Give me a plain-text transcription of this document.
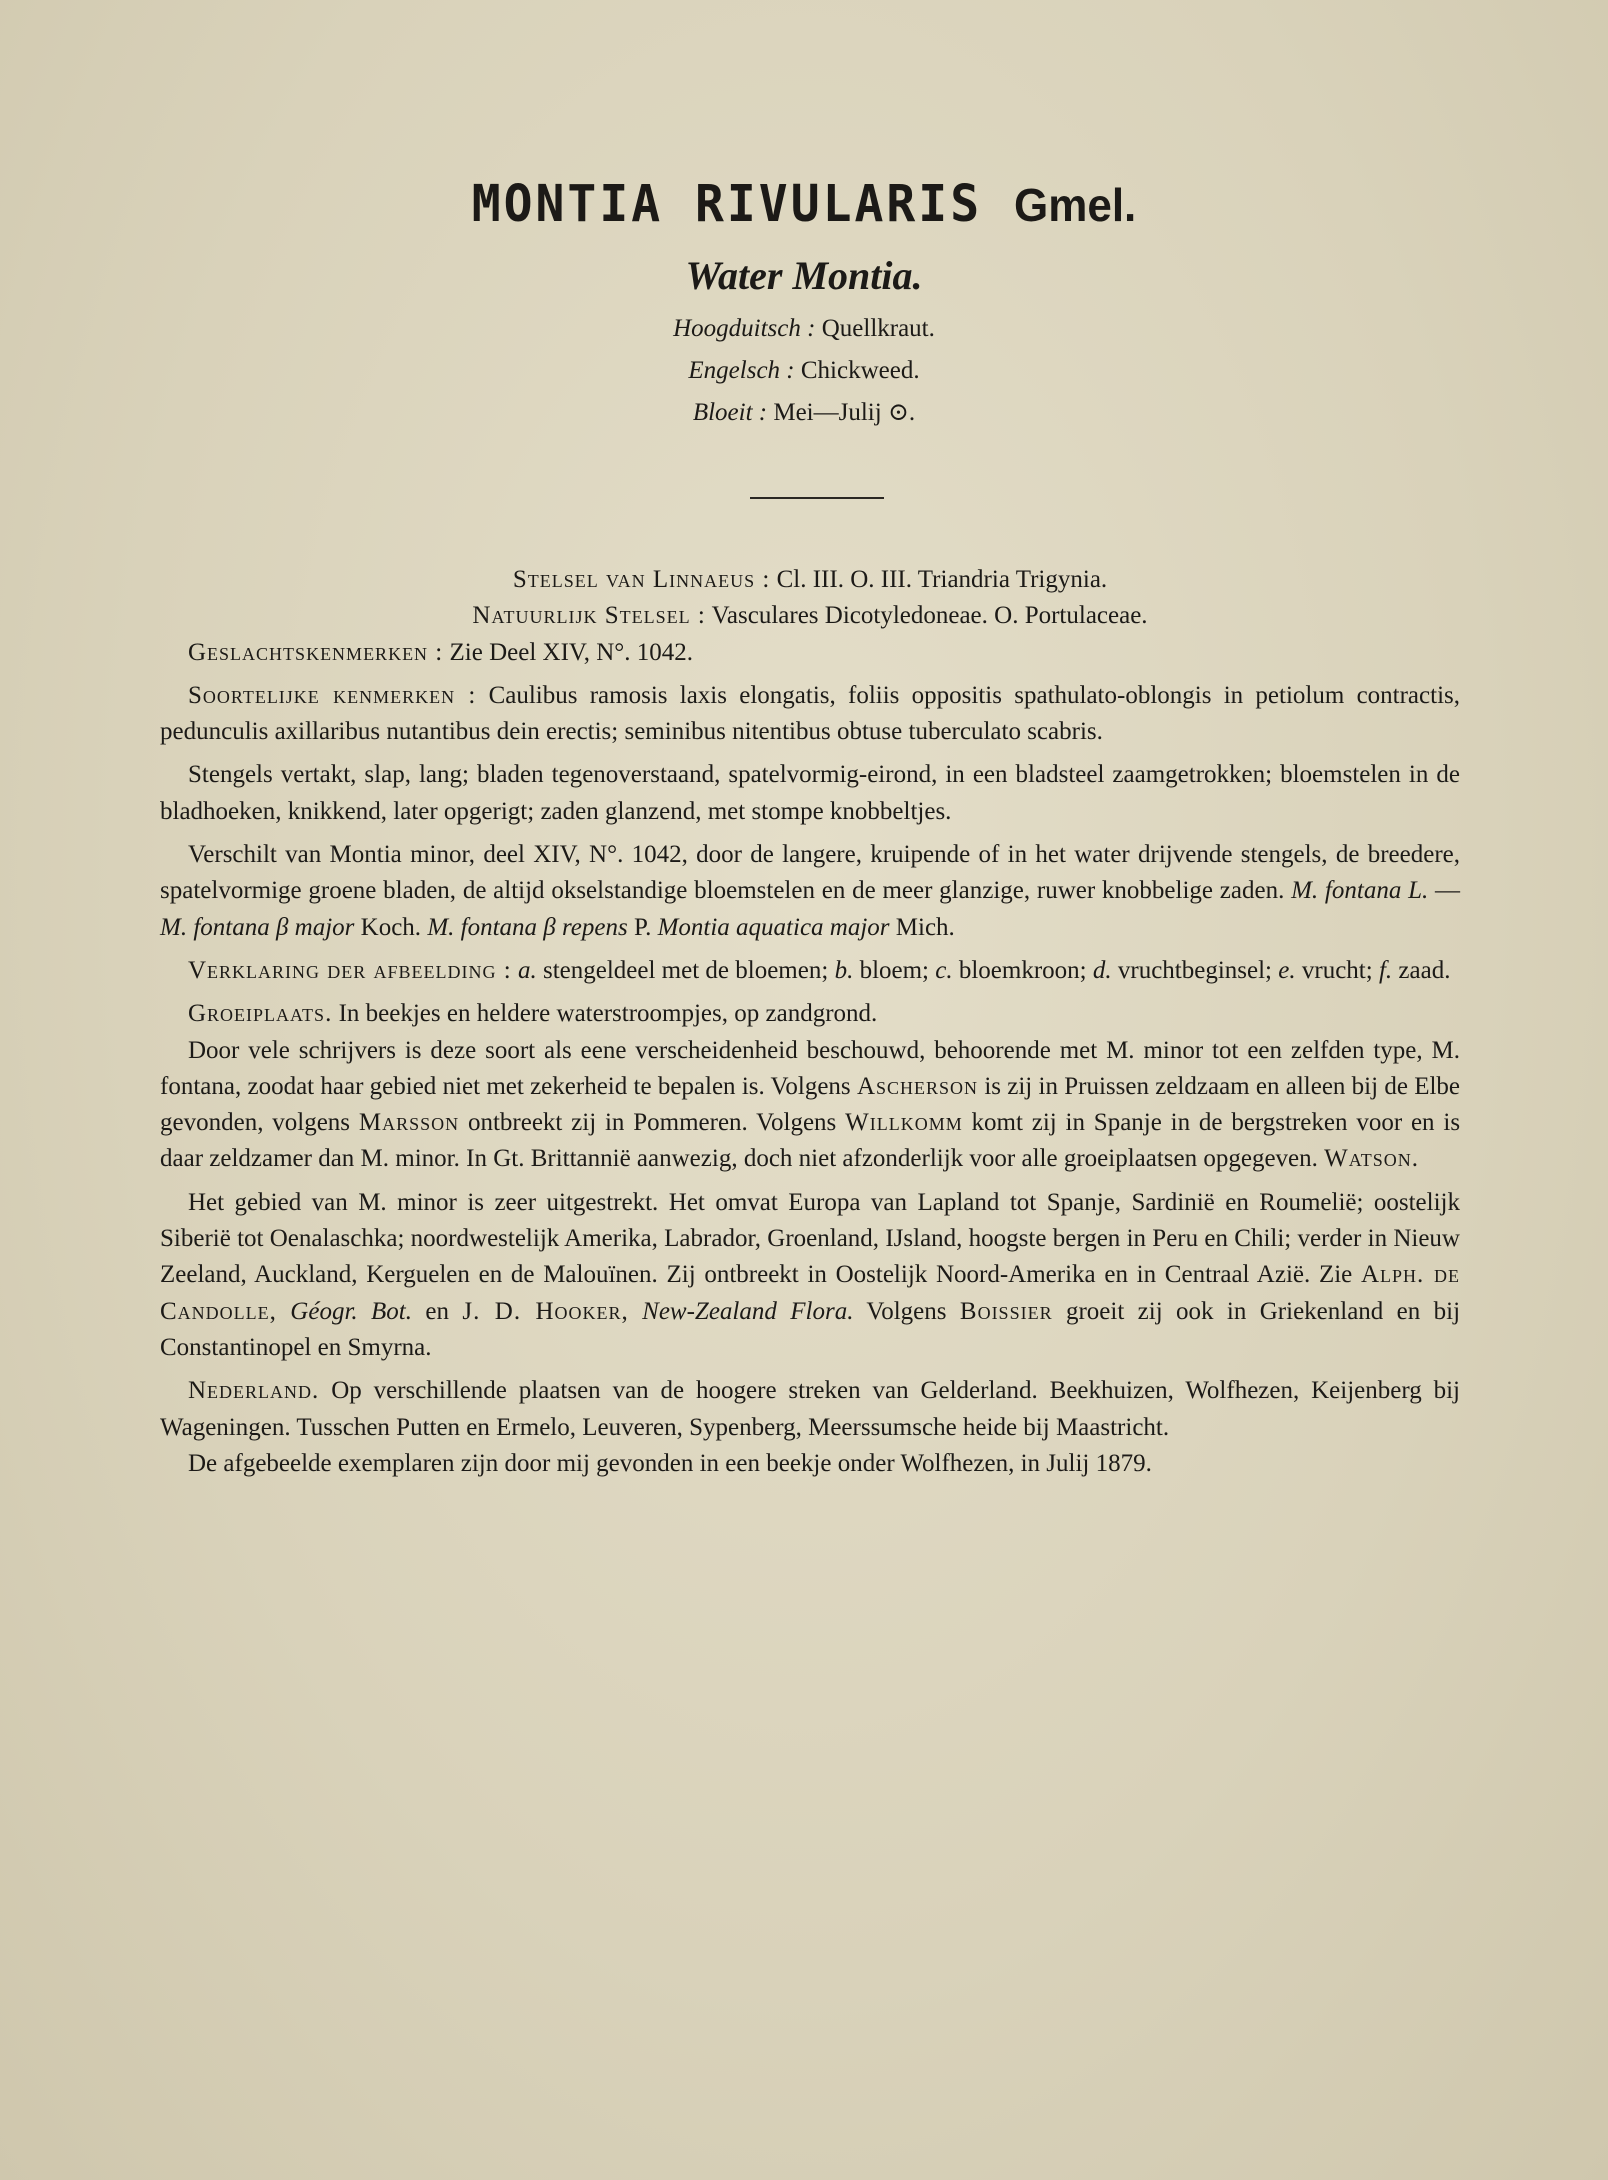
MONTIA RIVULARIS Gmel.
Water Montia.
Hoogduitsch : Quellkraut.
Engelsch : Chickweed.
Bloeit : Mei—Julij ⊙.

Stelsel van Linnaeus : Cl. III. O. III. Triandria Trigynia.

Natuurlijk Stelsel : Vasculares Dicotyledoneae. O. Portulaceae.

Geslachtskenmerken : Zie Deel XIV, N°. 1042.

Soortelijke kenmerken : Caulibus ramosis laxis elongatis, foliis oppositis spathulato-oblongis in petiolum contractis, pedunculis axillaribus nutantibus dein erectis; seminibus nitentibus obtuse tuberculato scabris.

Stengels vertakt, slap, lang; bladen tegenoverstaand, spatelvormig-eirond, in een bladsteel zaamgetrokken; bloemstelen in de bladhoeken, knikkend, later opgerigt; zaden glanzend, met stompe knobbeltjes.

Verschilt van Montia minor, deel XIV, N°. 1042, door de langere, kruipende of in het water drijvende stengels, de breedere, spatelvormige groene bladen, de altijd okselstandige bloemstelen en de meer glanzige, ruwer knobbelige zaden. M. fontana L. — M. fontana β major Koch. M. fontana β repens P. Montia aquatica major Mich.

Verklaring der afbeelding : a. stengeldeel met de bloemen; b. bloem; c. bloemkroon; d. vruchtbeginsel; e. vrucht; f. zaad.

Groeiplaats. In beekjes en heldere waterstroompjes, op zandgrond.

Door vele schrijvers is deze soort als eene verscheidenheid beschouwd, behoorende met M. minor tot een zelfden type, M. fontana, zoodat haar gebied niet met zekerheid te bepalen is. Volgens Ascherson is zij in Pruissen zeldzaam en alleen bij de Elbe gevonden, volgens Marsson ontbreekt zij in Pommeren. Volgens Willkomm komt zij in Spanje in de bergstreken voor en is daar zeldzamer dan M. minor. In Gt. Brittannië aanwezig, doch niet afzonderlijk voor alle groeiplaatsen opgegeven. Watson.

Het gebied van M. minor is zeer uitgestrekt. Het omvat Europa van Lapland tot Spanje, Sardinië en Roumelië; oostelijk Siberië tot Oenalaschka; noordwestelijk Amerika, Labrador, Groenland, IJsland, hoogste bergen in Peru en Chili; verder in Nieuw Zeeland, Auckland, Kerguelen en de Malouïnen. Zij ontbreekt in Oostelijk Noord-Amerika en in Centraal Azië. Zie Alph. de Candolle, Géogr. Bot. en J. D. Hooker, New-Zealand Flora. Volgens Boissier groeit zij ook in Griekenland en bij Constantinopel en Smyrna.

Nederland. Op verschillende plaatsen van de hoogere streken van Gelderland. Beekhuizen, Wolfhezen, Keijenberg bij Wageningen. Tusschen Putten en Ermelo, Leuveren, Sypenberg, Meerssumsche heide bij Maastricht.

De afgebeelde exemplaren zijn door mij gevonden in een beekje onder Wolfhezen, in Julij 1879.
